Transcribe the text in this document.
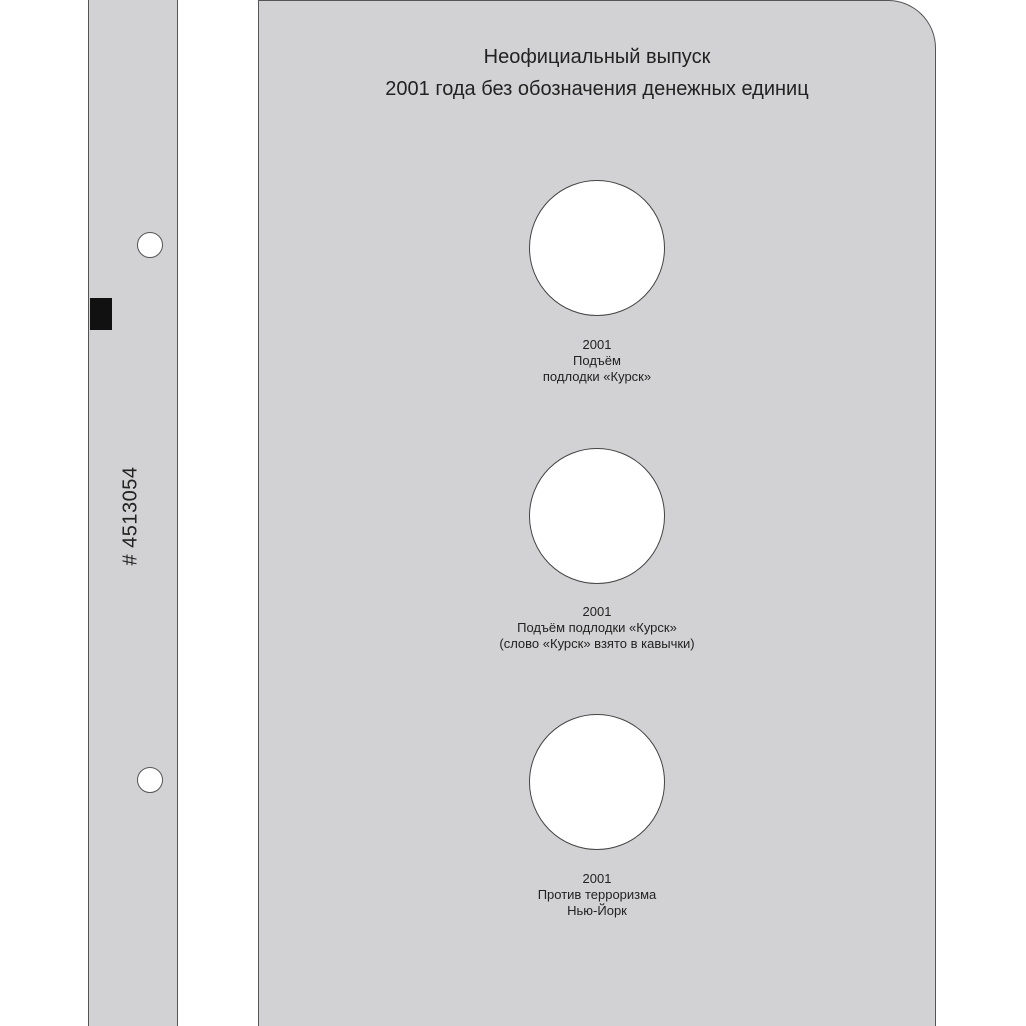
# 4513054
Неофициальный выпуск
2001 года без обозначения денежных единиц
2001
Подъём
подлодки «Курск»
2001
Подъём подлодки «Курск»
(слово «Курск» взято в кавычки)
2001
Против терроризма
Нью-Йорк
